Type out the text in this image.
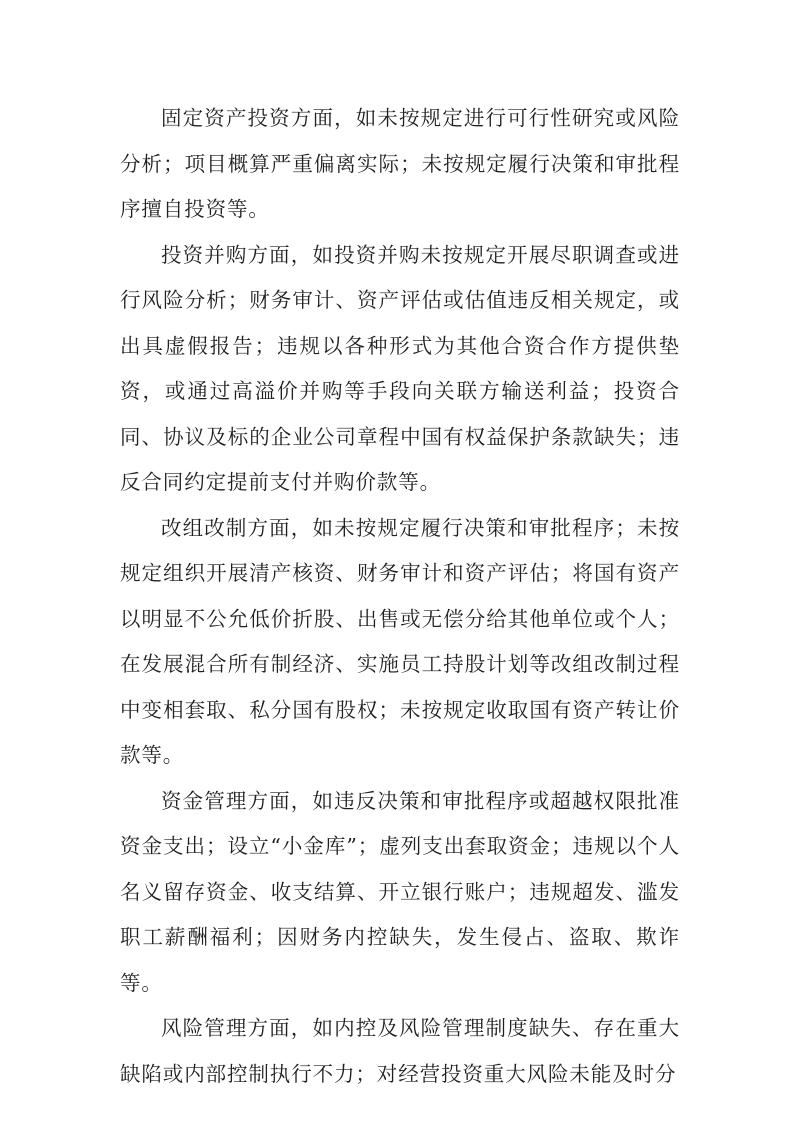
固定资产投资方面，如未按规定进行可行性研究或风险分析；项目概算严重偏离实际；未按规定履行决策和审批程序擅自投资等。

投资并购方面，如投资并购未按规定开展尽职调查或进行风险分析；财务审计、资产评估或估值违反相关规定，或出具虚假报告；违规以各种形式为其他合资合作方提供垫资，或通过高溢价并购等手段向关联方输送利益；投资合同、协议及标的企业公司章程中国有权益保护条款缺失；违反合同约定提前支付并购价款等。

改组改制方面，如未按规定履行决策和审批程序；未按规定组织开展清产核资、财务审计和资产评估；将国有资产以明显不公允低价折股、出售或无偿分给其他单位或个人；在发展混合所有制经济、实施员工持股计划等改组改制过程中变相套取、私分国有股权；未按规定收取国有资产转让价款等。

资金管理方面，如违反决策和审批程序或超越权限批准资金支出；设立“小金库”；虚列支出套取资金；违规以个人名义留存资金、收支结算、开立银行账户；违规超发、滥发职工薪酬福利；因财务内控缺失，发生侵占、盗取、欺诈等。

风险管理方面，如内控及风险管理制度缺失、存在重大缺陷或内部控制执行不力；对经营投资重大风险未能及时分
